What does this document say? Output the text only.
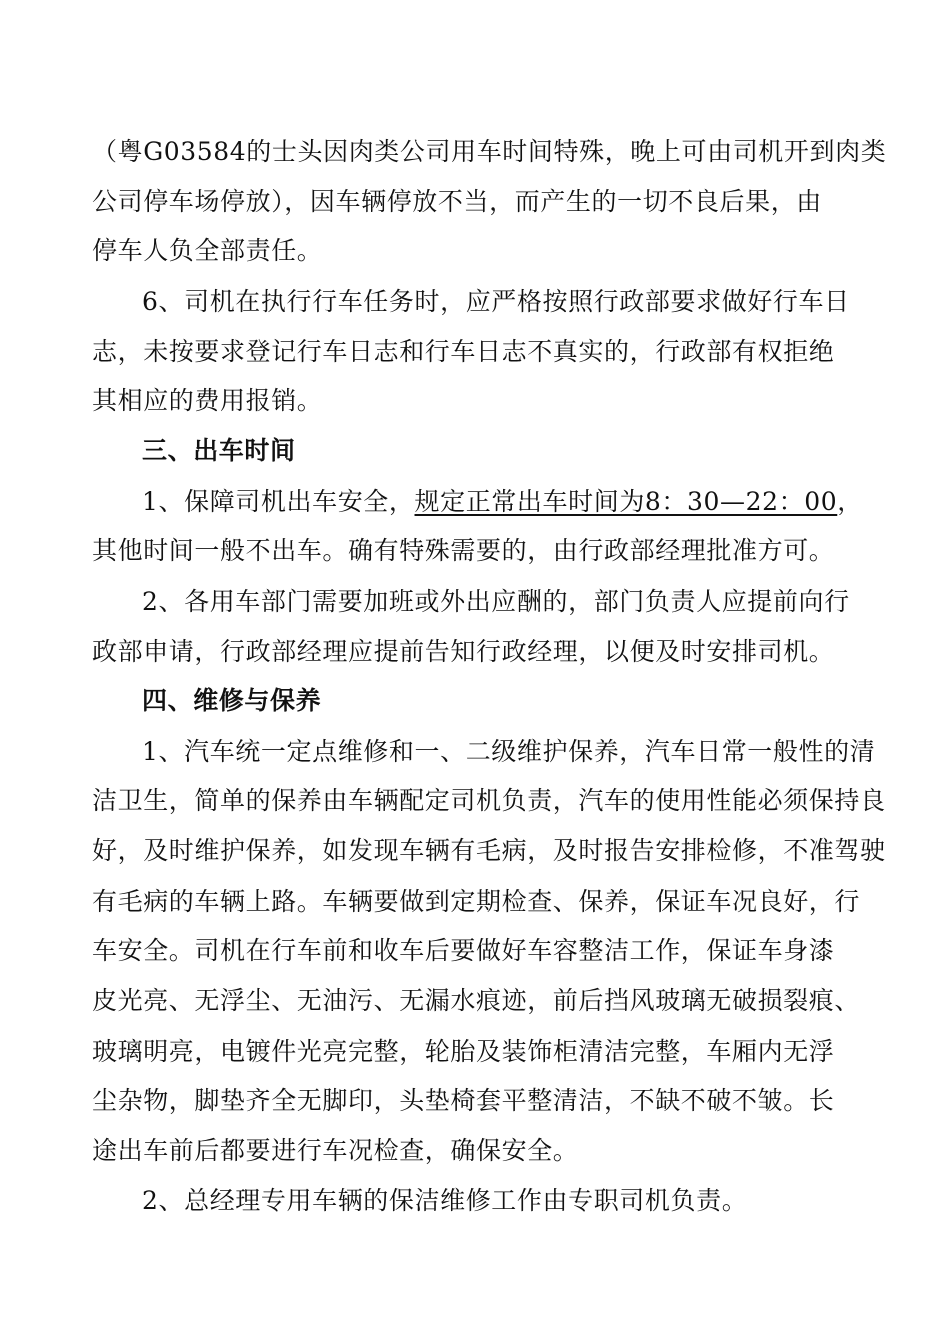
（粤G03584的士头因肉类公司用车时间特殊，晚上可由司机开到肉类
公司停车场停放），因车辆停放不当，而产生的一切不良后果，由
停车人负全部责任。
6、司机在执行行车任务时，应严格按照行政部要求做好行车日
志，未按要求登记行车日志和行车日志不真实的，行政部有权拒绝
其相应的费用报销。
三、出车时间
1、保障司机出车安全，规定正常出车时间为8：30—22：00，
其他时间一般不出车。确有特殊需要的，由行政部经理批准方可。
2、各用车部门需要加班或外出应酬的，部门负责人应提前向行
政部申请，行政部经理应提前告知行政经理，以便及时安排司机。
四、维修与保养
1、汽车统一定点维修和一、二级维护保养，汽车日常一般性的清
洁卫生，简单的保养由车辆配定司机负责，汽车的使用性能必须保持良
好，及时维护保养，如发现车辆有毛病，及时报告安排检修，不准驾驶
有毛病的车辆上路。车辆要做到定期检查、保养，保证车况良好，行
车安全。司机在行车前和收车后要做好车容整洁工作，保证车身漆
皮光亮、无浮尘、无油污、无漏水痕迹，前后挡风玻璃无破损裂痕、
玻璃明亮，电镀件光亮完整，轮胎及装饰柜清洁完整，车厢内无浮
尘杂物，脚垫齐全无脚印，头垫椅套平整清洁，不缺不破不皱。长
途出车前后都要进行车况检查，确保安全。
2、总经理专用车辆的保洁维修工作由专职司机负责。
